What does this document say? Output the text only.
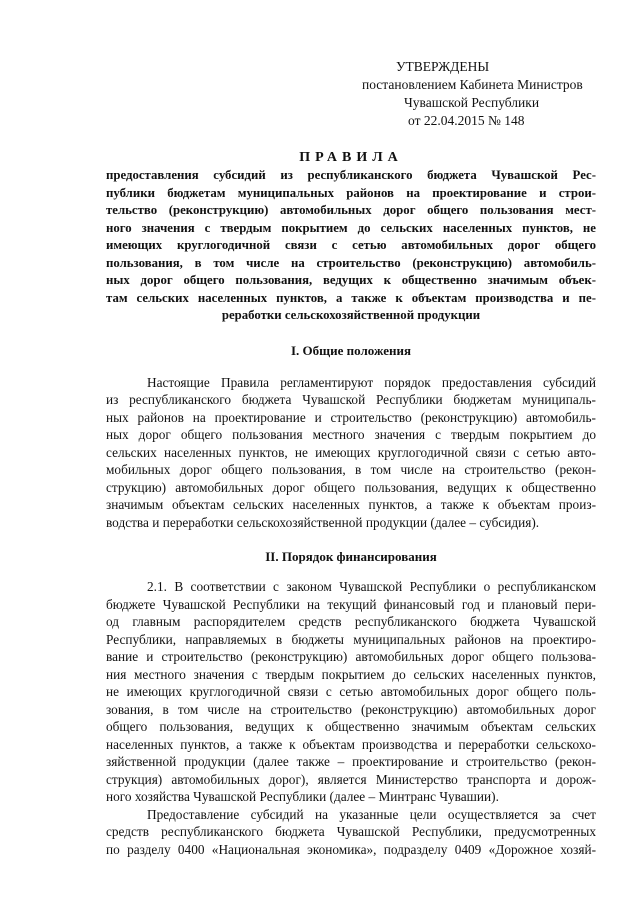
УТВЕРЖДЕНЫ
постановлением Кабинета Министров
Чувашской Республики
от 22.04.2015 № 148
ПРАВИЛА
предоставления субсидий из республиканского бюджета Чувашской Рес-
публики бюджетам муниципальных районов на проектирование и строи-
тельство (реконструкцию) автомобильных дорог общего пользования мест-
ного значения с твердым покрытием до сельских населенных пунктов, не
имеющих круглогодичной связи с сетью автомобильных дорог общего
пользования, в том числе на строительство (реконструкцию) автомобиль-
ных дорог общего пользования, ведущих к общественно значимым объек-
там сельских населенных пунктов, а также к объектам производства и пе-
реработки сельскохозяйственной продукции
I. Общие положения
Настоящие Правила регламентируют порядок предоставления субсидий
из республиканского бюджета Чувашской Республики бюджетам муниципаль-
ных районов на проектирование и строительство (реконструкцию) автомобиль-
ных дорог общего пользования местного значения с твердым покрытием до
сельских населенных пунктов, не имеющих круглогодичной связи с сетью авто-
мобильных дорог общего пользования, в том числе на строительство (рекон-
струкцию) автомобильных дорог общего пользования, ведущих к общественно
значимым объектам сельских населенных пунктов, а также к объектам произ-
водства и переработки сельскохозяйственной продукции (далее – субсидия).
II. Порядок финансирования
2.1. В соответствии с законом Чувашской Республики о республиканском
бюджете Чувашской Республики на текущий финансовый год и плановый пери-
од главным распорядителем средств республиканского бюджета Чувашской
Республики, направляемых в бюджеты муниципальных районов на проектиро-
вание и строительство (реконструкцию) автомобильных дорог общего пользова-
ния местного значения с твердым покрытием до сельских населенных пунктов,
не имеющих круглогодичной связи с сетью автомобильных дорог общего поль-
зования, в том числе на строительство (реконструкцию) автомобильных дорог
общего пользования, ведущих к общественно значимым объектам сельских
населенных пунктов, а также к объектам производства и переработки сельскохо-
зяйственной продукции (далее также – проектирование и строительство (рекон-
струкция) автомобильных дорог), является Министерство транспорта и дорож-
ного хозяйства Чувашской Республики (далее – Минтранс Чувашии).
Предоставление субсидий на указанные цели осуществляется за счет
средств республиканского бюджета Чувашской Республики, предусмотренных
по разделу 0400 «Национальная экономика», подразделу 0409 «Дорожное хозяй-
